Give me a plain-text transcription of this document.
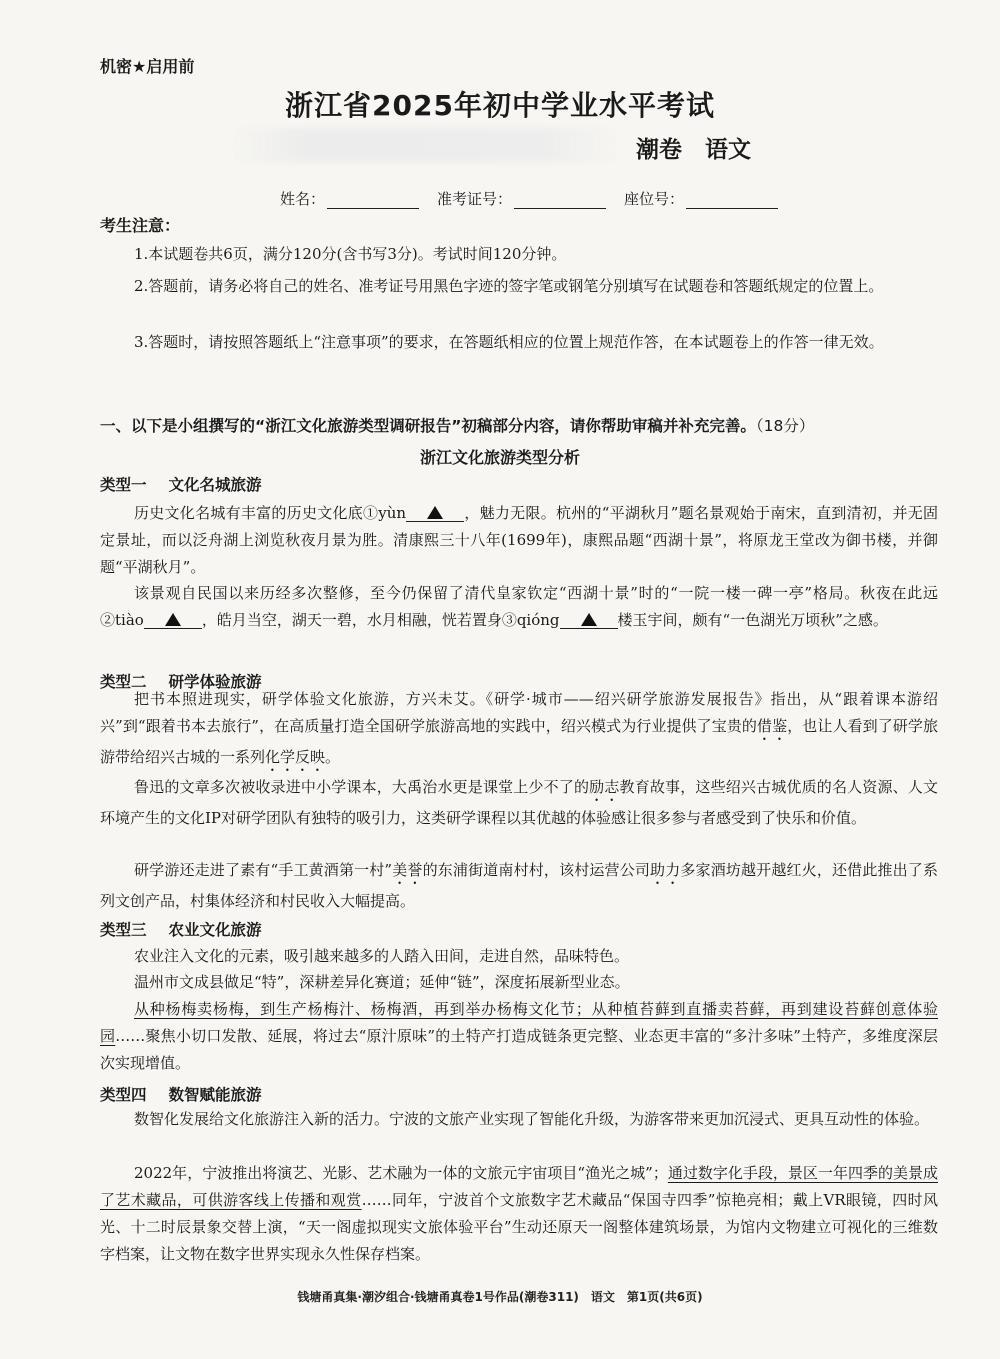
机密★启用前
浙江省2025年初中学业水平考试
潮卷　语文
姓名：	准考证号：	座位号：
考生注意：
1.本试题卷共6页，满分120分(含书写3分)。考试时间120分钟。
2.答题前，请务必将自己的姓名、准考证号用黑色字迹的签字笔或钢笔分别填写在试题卷和答题纸规定的位置上。
3.答题时，请按照答题纸上“注意事项”的要求，在答题纸相应的位置上规范作答，在本试题卷上的作答一律无效。
一、以下是小组撰写的“浙江文化旅游类型调研报告”初稿部分内容，请你帮助审稿并补充完善。（18分）
浙江文化旅游类型分析
类型一 文化名城旅游
历史文化名城有丰富的历史文化底①yùn	，魅力无限。杭州的“平湖秋月”题名景观始于南宋，直到清初，并无固定景址，而以泛舟湖上浏览秋夜月景为胜。清康熙三十八年(1699年)，康熙品题“西湖十景”，将原龙王堂改为御书楼，并御题“平湖秋月”。
该景观自民国以来历经多次整修，至今仍保留了清代皇家钦定“西湖十景”时的“一院一楼一碑一亭”格局。秋夜在此远②tiào	，皓月当空，湖天一碧，水月相融，恍若置身③qióng	楼玉宇间，颇有“一色湖光万顷秋”之感。
类型二 研学体验旅游
把书本照进现实，研学体验文化旅游，方兴未艾。《研学·城市——绍兴研学旅游发展报告》指出，从“跟着课本游绍兴”到“跟着书本去旅行”，在高质量打造全国研学旅游高地的实践中，绍兴模式为行业提供了宝贵的借鉴，也让人看到了研学旅游带给绍兴古城的一系列化学反映。
鲁迅的文章多次被收录进中小学课本，大禹治水更是课堂上少不了的励志教育故事，这些绍兴古城优质的名人资源、人文环境产生的文化IP对研学团队有独特的吸引力，这类研学课程以其优越的体验感让很多参与者感受到了快乐和价值。
研学游还走进了素有“手工黄酒第一村”美誉的东浦街道南村村，该村运营公司助力多家酒坊越开越红火，还借此推出了系列文创产品，村集体经济和村民收入大幅提高。
类型三 农业文化旅游
农业注入文化的元素，吸引越来越多的人踏入田间，走进自然，品味特色。
温州市文成县做足“特”，深耕差异化赛道；延伸“链”，深度拓展新型业态。
从种杨梅卖杨梅，到生产杨梅汁、杨梅酒，再到举办杨梅文化节；从种植苔藓到直播卖苔藓，再到建设苔藓创意体验园……聚焦小切口发散、延展，将过去“原汁原味”的土特产打造成链条更完整、业态更丰富的“多汁多味”土特产，多维度深层次实现增值。
类型四 数智赋能旅游
数智化发展给文化旅游注入新的活力。宁波的文旅产业实现了智能化升级，为游客带来更加沉浸式、更具互动性的体验。
2022年，宁波推出将演艺、光影、艺术融为一体的文旅元宇宙项目“渔光之城”；通过数字化手段，景区一年四季的美景成了艺术藏品，可供游客线上传播和观赏……同年，宁波首个文旅数字艺术藏品“保国寺四季”惊艳亮相；戴上VR眼镜，四时风光、十二时辰景象交替上演，“天一阁虚拟现实文旅体验平台”生动还原天一阁整体建筑场景，为馆内文物建立可视化的三维数字档案，让文物在数字世界实现永久性保存档案。
钱塘甬真集·潮汐组合·钱塘甬真卷1号作品(潮卷311)　语文　第1页(共6页)
